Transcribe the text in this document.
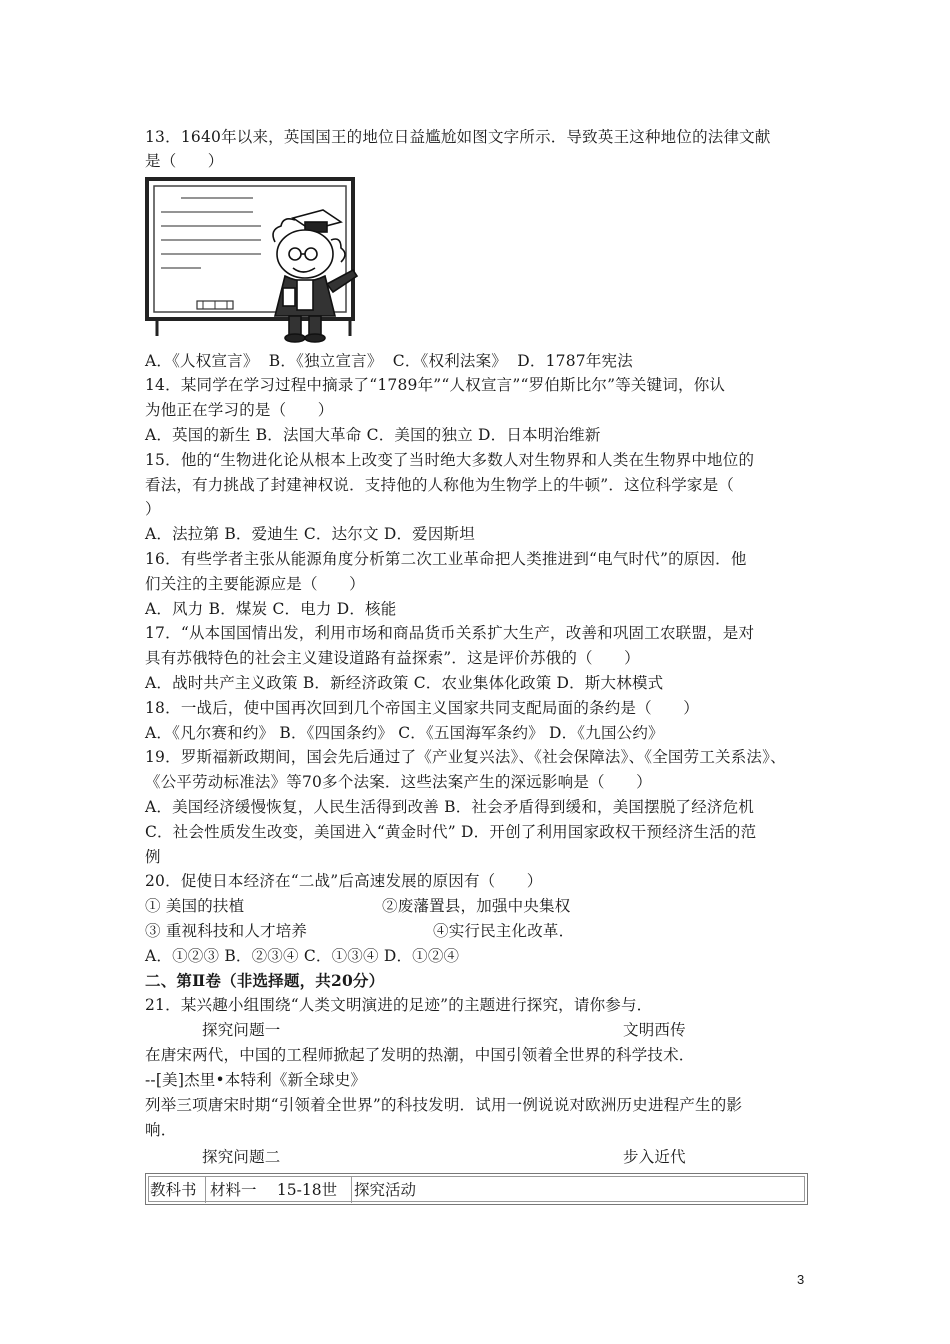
13．1640年以来，英国国王的地位日益尴尬如图文字所示．导致英王这种地位的法律文献
是（　　）
A．《人权宣言》  B．《独立宣言》  C．《权利法案》  D．1787年宪法
14．某同学在学习过程中摘录了“1789年”“人权宣言”“罗伯斯比尔”等关键词，你认
为他正在学习的是（　　）
A．英国的新生 B．法国大革命 C．美国的独立 D．日本明治维新
15．他的“生物进化论从根本上改变了当时绝大多数人对生物界和人类在生物界中地位的
看法，有力挑战了封建神权说．支持他的人称他为生物学上的牛顿”．这位科学家是（
）
A．法拉第 B．爱迪生 C．达尔文 D．爱因斯坦
16．有些学者主张从能源角度分析第二次工业革命把人类推进到“电气时代”的原因．他
们关注的主要能源应是（　　）
A．风力 B．煤炭 C．电力 D．核能
17．“从本国国情出发，利用市场和商品货币关系扩大生产，改善和巩固工农联盟，是对
具有苏俄特色的社会主义建设道路有益探索”．这是评价苏俄的（　　）
A．战时共产主义政策 B．新经济政策 C．农业集体化政策 D．斯大林模式
18．一战后，使中国再次回到几个帝国主义国家共同支配局面的条约是（　　）
A．《凡尔赛和约》 B．《四国条约》 C．《五国海军条约》 D．《九国公约》
19．罗斯福新政期间，国会先后通过了《产业复兴法》、《社会保障法》、《全国劳工关系法》、
《公平劳动标准法》等70多个法案．这些法案产生的深远影响是（　　）
A．美国经济缓慢恢复，人民生活得到改善 B．社会矛盾得到缓和，美国摆脱了经济危机
C．社会性质发生改变，美国进入“黄金时代” D．开创了利用国家政权干预经济生活的范
例
20．促使日本经济在“二战”后高速发展的原因有（　　）
① 美国的扶植	②废藩置县，加强中央集权
③ 重视科技和人才培养	④实行民主化改革．
A．①②③ B．②③④ C．①③④ D．①②④
二、第Ⅱ卷（非选择题，共20分）
21．某兴趣小组围绕“人类文明演进的足迹”的主题进行探究，请你参与．
探究问题一	文明西传
在唐宋两代，中国的工程师掀起了发明的热潮，中国引领着全世界的科学技术．
--[美]杰里•本特利《新全球史》
列举三项唐宋时期“引领着全世界”的科技发明．试用一例说说对欧洲历史进程产生的影
响．
探究问题二	步入近代
教科书 材料一　 15-18世 探究活动
3
